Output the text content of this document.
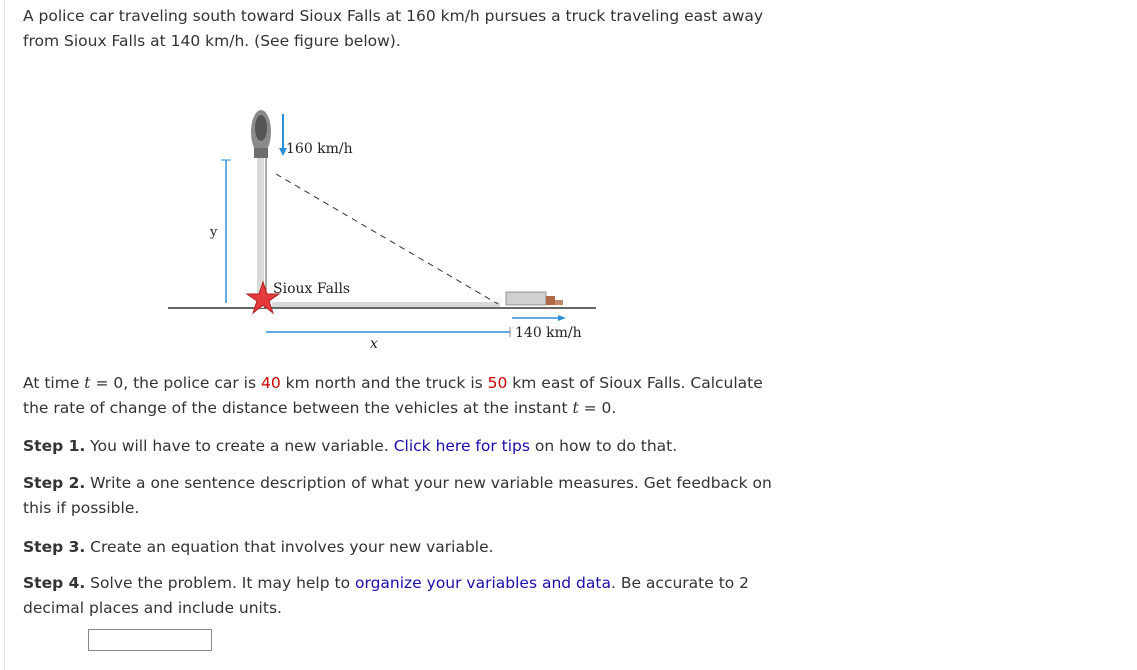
A police car traveling south toward Sioux Falls at 160 km/h pursues a truck traveling east away from Sioux Falls at 140 km/h. (See figure below).

160 km/h
y
Sioux Falls
140 km/h
x

At time t = 0, the police car is 40 km north and the truck is 50 km east of Sioux Falls. Calculate the rate of change of the distance between the vehicles at the instant t = 0.

Step 1. You will have to create a new variable. Click here for tips on how to do that.

Step 2. Write a one sentence description of what your new variable measures. Get feedback on this if possible.

Step 3. Create an equation that involves your new variable.

Step 4. Solve the problem. It may help to organize your variables and data. Be accurate to 2 decimal places and include units.
